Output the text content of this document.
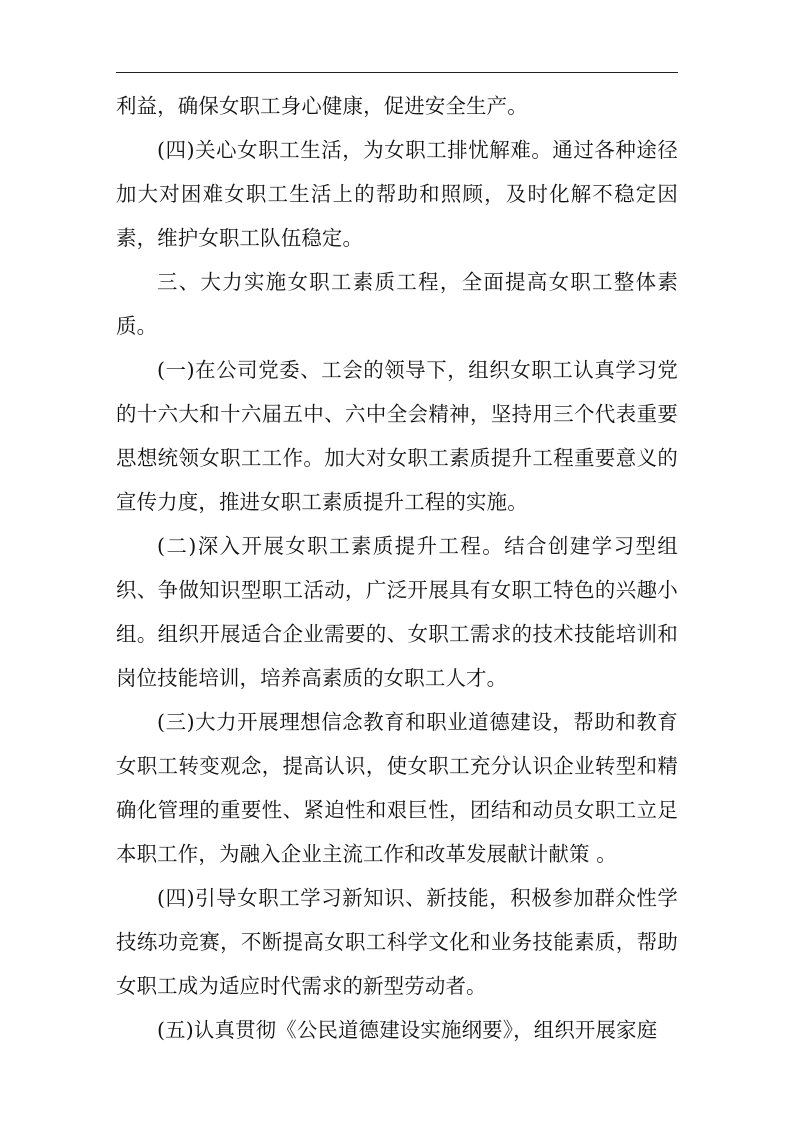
利益，确保女职工身心健康，促进安全生产。

(四)关心女职工生活，为女职工排忧解难。通过各种途径加大对困难女职工生活上的帮助和照顾，及时化解不稳定因素，维护女职工队伍稳定。

三、大力实施女职工素质工程，全面提高女职工整体素质。

(一)在公司党委、工会的领导下，组织女职工认真学习党的十六大和十六届五中、六中全会精神，坚持用三个代表重要思想统领女职工工作。加大对女职工素质提升工程重要意义的宣传力度，推进女职工素质提升工程的实施。

(二)深入开展女职工素质提升工程。结合创建学习型组织、争做知识型职工活动，广泛开展具有女职工特色的兴趣小组。组织开展适合企业需要的、女职工需求的技术技能培训和岗位技能培训，培养高素质的女职工人才。

(三)大力开展理想信念教育和职业道德建设，帮助和教育女职工转变观念，提高认识，使女职工充分认识企业转型和精确化管理的重要性、紧迫性和艰巨性，团结和动员女职工立足本职工作，为融入企业主流工作和改革发展献计献策 。

(四)引导女职工学习新知识、新技能，积极参加群众性学技练功竞赛，不断提高女职工科学文化和业务技能素质，帮助女职工成为适应时代需求的新型劳动者。

(五)认真贯彻《公民道德建设实施纲要》，组织开展家庭
